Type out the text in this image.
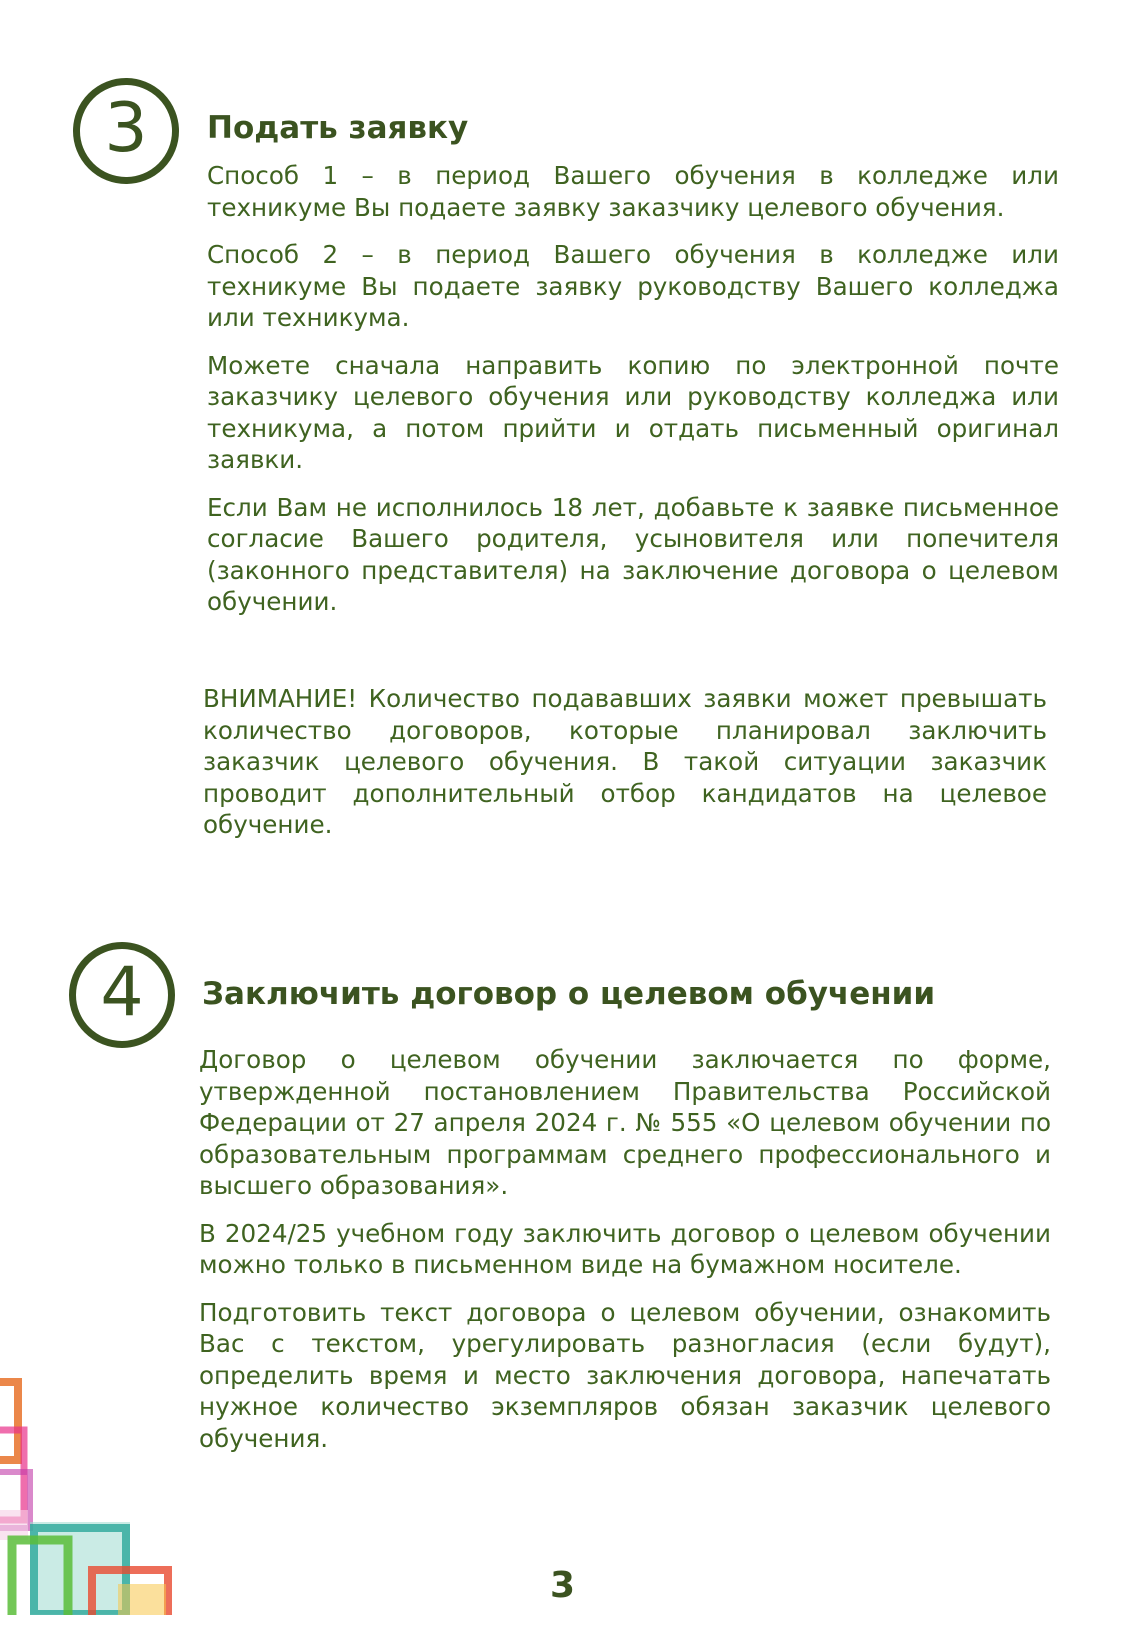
3 Подать заявку

Способ 1 – в период Вашего обучения в колледже или техникуме Вы подаете заявку заказчику целевого обучения.

Способ 2 – в период Вашего обучения в колледже или техникуме Вы подаете заявку руководству Вашего колледжа или техникума.

Можете сначала направить копию по электронной почте заказчику целевого обучения или руководству колледжа или техникума, а потом прийти и отдать письменный оригинал заявки.

Если Вам не исполнилось 18 лет, добавьте к заявке письменное согласие Вашего родителя, усыновителя или попечителя (законного представителя) на заключение договора о целевом обучении.

ВНИМАНИЕ! Количество подававших заявки может превышать количество договоров, которые планировал заключить заказчик целевого обучения. В такой ситуации заказчик проводит дополнительный отбор кандидатов на целевое обучение.

4 Заключить договор о целевом обучении

Договор о целевом обучении заключается по форме, утвержденной постановлением Правительства Российской Федерации от 27 апреля 2024 г. № 555 «О целевом обучении по образовательным программам среднего профессионального и высшего образования».

В 2024/25 учебном году заключить договор о целевом обучении можно только в письменном виде на бумажном носителе.

Подготовить текст договора о целевом обучении, ознакомить Вас с текстом, урегулировать разногласия (если будут), определить время и место заключения договора, напечатать нужное количество экземпляров обязан заказчик целевого обучения.

3
